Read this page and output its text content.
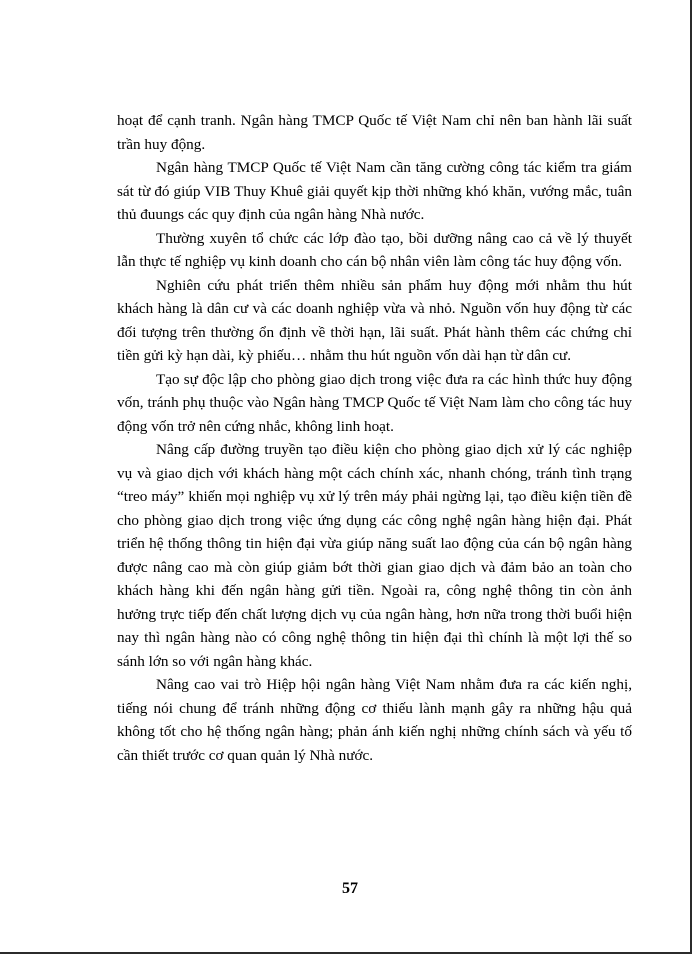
hoạt để cạnh tranh. Ngân hàng TMCP Quốc tế Việt Nam chỉ nên ban hành lãi suất trần huy động.

Ngân hàng TMCP Quốc tế Việt Nam cần tăng cường công tác kiểm tra giám sát từ đó giúp VIB Thuy Khuê giải quyết kịp thời những khó khăn, vướng mắc, tuân thủ đuungs các quy định của ngân hàng Nhà nước.

Thường xuyên tổ chức các lớp đào tạo, bồi dưỡng nâng cao cả về lý thuyết lẫn thực tế nghiệp vụ kinh doanh cho cán bộ nhân viên làm công tác huy động vốn.

Nghiên cứu phát triển thêm nhiều sản phẩm huy động mới nhằm thu hút khách hàng là dân cư và các doanh nghiệp vừa và nhỏ. Nguồn vốn huy động từ các đối tượng trên thường ổn định về thời hạn, lãi suất. Phát hành thêm các chứng chỉ tiền gửi kỳ hạn dài, kỳ phiếu… nhằm thu hút nguồn vốn dài hạn từ dân cư.

Tạo sự độc lập cho phòng giao dịch trong việc đưa ra các hình thức huy động vốn, tránh phụ thuộc vào Ngân hàng TMCP Quốc tế Việt Nam làm cho công tác huy động vốn trở nên cứng nhắc, không linh hoạt.

Nâng cấp đường truyền tạo điều kiện cho phòng giao dịch xử lý các nghiệp vụ và giao dịch với khách hàng một cách chính xác, nhanh chóng, tránh tình trạng “treo máy” khiến mọi nghiệp vụ xử lý trên máy phải ngừng lại, tạo điều kiện tiền đề cho phòng giao dịch trong việc ứng dụng các công nghệ ngân hàng hiện đại. Phát triển hệ thống thông tin hiện đại vừa giúp năng suất lao động của cán bộ ngân hàng được nâng cao mà còn giúp giảm bớt thời gian giao dịch và đảm bảo an toàn cho khách hàng khi đến ngân hàng gửi tiền. Ngoài ra, công nghệ thông tin còn ảnh hưởng trực tiếp đến chất lượng dịch vụ của ngân hàng, hơn nữa trong thời buổi hiện nay thì ngân hàng nào có công nghệ thông tin hiện đại thì chính là một lợi thế so sánh lớn so với ngân hàng khác.

Nâng cao vai trò Hiệp hội ngân hàng Việt Nam nhằm đưa ra các kiến nghị, tiếng nói chung để tránh những động cơ thiếu lành mạnh gây ra những hậu quả không tốt cho hệ thống ngân hàng; phản ánh kiến nghị những chính sách và yếu tố cần thiết trước cơ quan quản lý Nhà nước.

57
